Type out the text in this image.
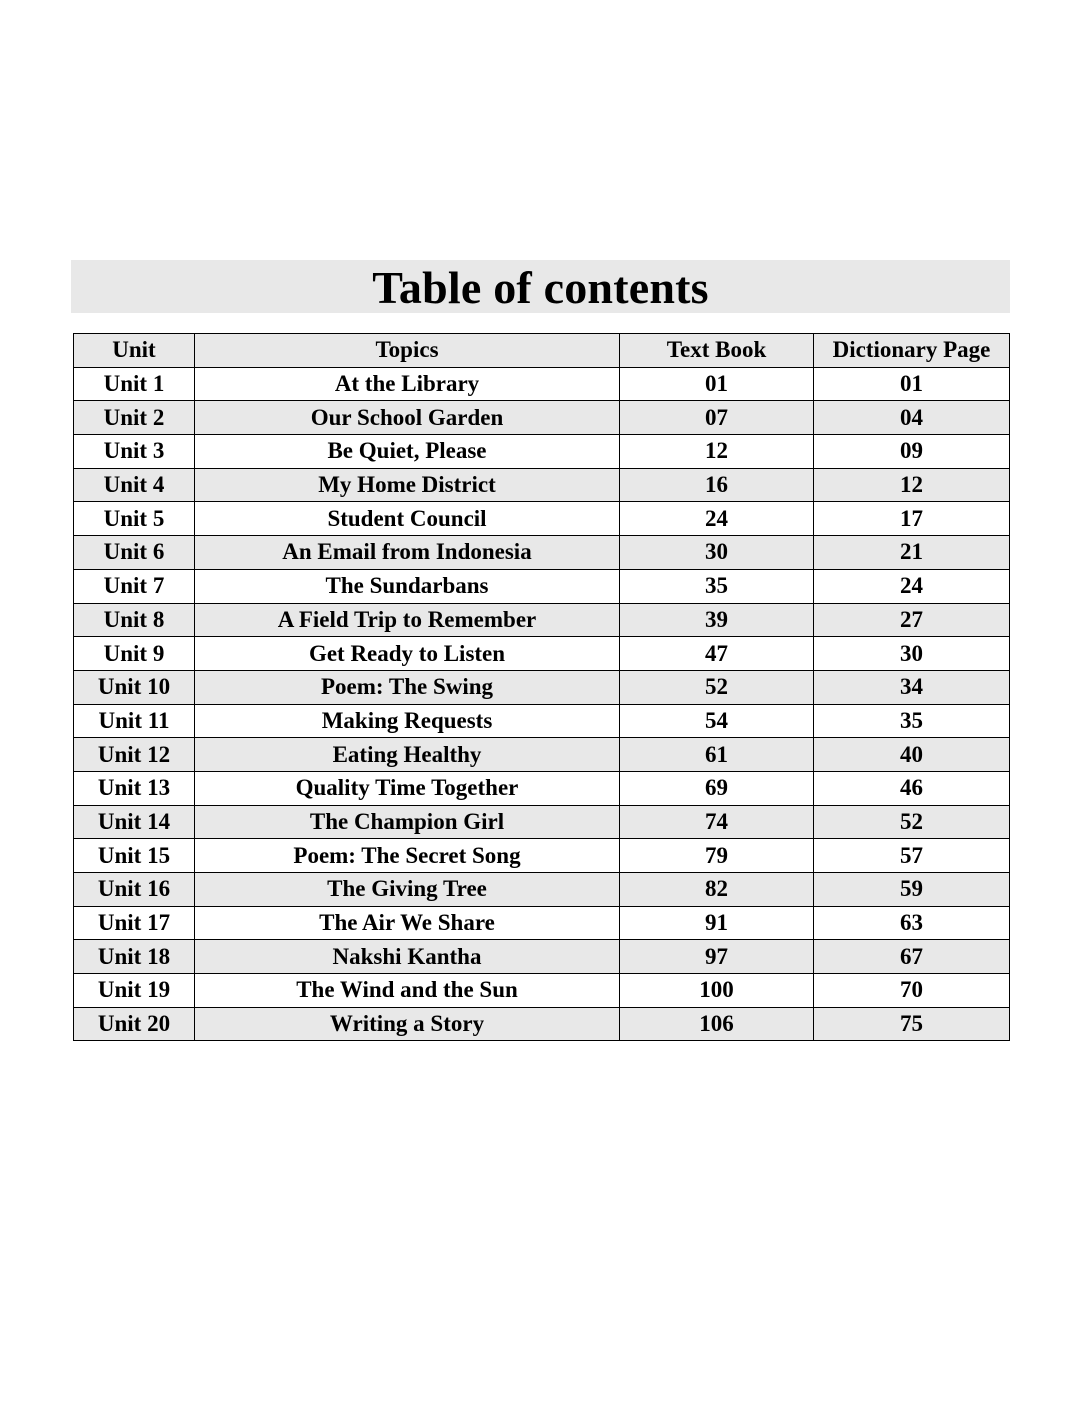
Table of contents
Unit	Topics	Text Book	Dictionary Page
Unit 1	At the Library	01	01
Unit 2	Our School Garden	07	04
Unit 3	Be Quiet, Please	12	09
Unit 4	My Home District	16	12
Unit 5	Student Council	24	17
Unit 6	An Email from Indonesia	30	21
Unit 7	The Sundarbans	35	24
Unit 8	A Field Trip to Remember	39	27
Unit 9	Get Ready to Listen	47	30
Unit 10	Poem: The Swing	52	34
Unit 11	Making Requests	54	35
Unit 12	Eating Healthy	61	40
Unit 13	Quality Time Together	69	46
Unit 14	The Champion Girl	74	52
Unit 15	Poem: The Secret Song	79	57
Unit 16	The Giving Tree	82	59
Unit 17	The Air We Share	91	63
Unit 18	Nakshi Kantha	97	67
Unit 19	The Wind and the Sun	100	70
Unit 20	Writing a Story	106	75
